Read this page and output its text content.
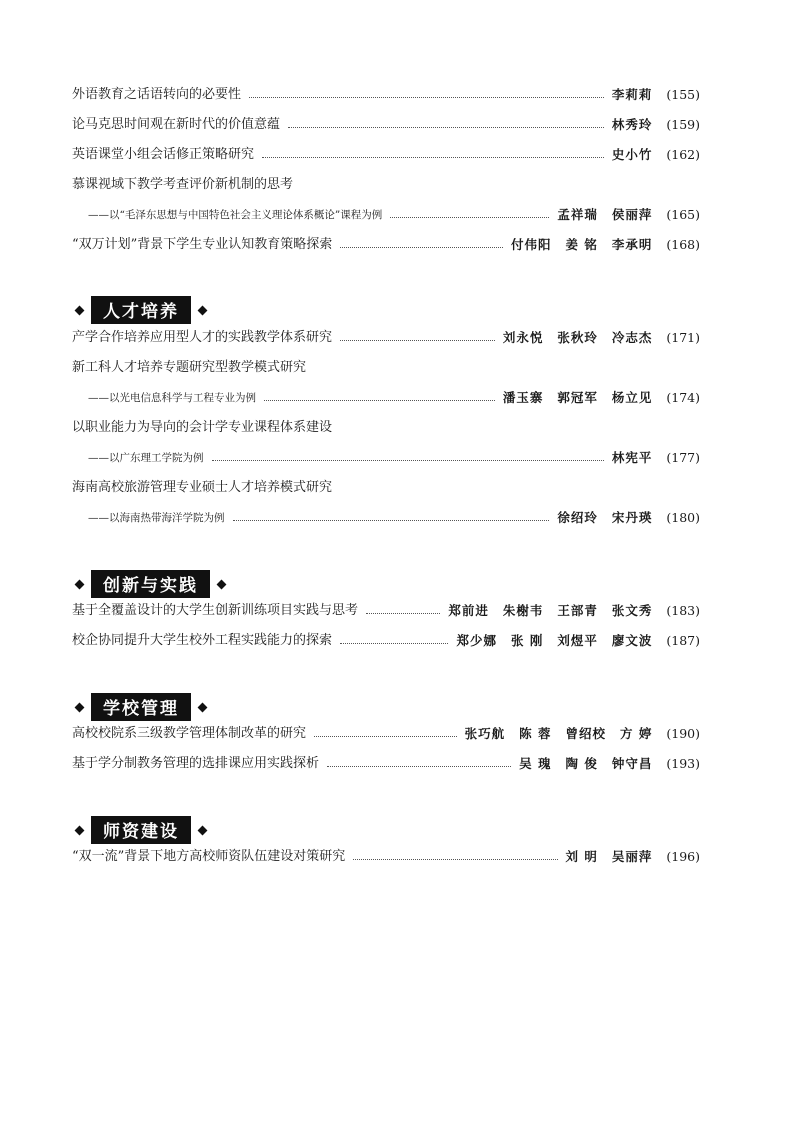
外语教育之话语转向的必要性	李莉莉 (155)
论马克思时间观在新时代的价值意蕴	林秀玲 (159)
英语课堂小组会话修正策略研究	史小竹 (162)
慕课视域下教学考查评价新机制的思考
——以“毛泽东思想与中国特色社会主义理论体系概论”课程为例	孟祥瑞 侯丽萍 (165)
“双万计划”背景下学生专业认知教育策略探索	付伟阳 姜 铭 李承明 (168)
人才培养
产学合作培养应用型人才的实践教学体系研究	刘永悦 张秋玲 冷志杰 (171)
新工科人才培养专题研究型教学模式研究
——以光电信息科学与工程专业为例	潘玉寨 郭冠军 杨立见 (174)
以职业能力为导向的会计学专业课程体系建设
——以广东理工学院为例	林宪平 (177)
海南高校旅游管理专业硕士人才培养模式研究
——以海南热带海洋学院为例	徐绍玲 宋丹瑛 (180)
创新与实践
基于全覆盖设计的大学生创新训练项目实践与思考	郑前进 朱榭韦 王部青 张文秀 (183)
校企协同提升大学生校外工程实践能力的探索	郑少娜 张 刚 刘煜平 廖文波 (187)
学校管理
高校校院系三级教学管理体制改革的研究	张巧航 陈 蓉 曾绍校 方 婷 (190)
基于学分制教务管理的选排课应用实践探析	吴 瑰 陶 俊 钟守昌 (193)
师资建设
“双一流”背景下地方高校师资队伍建设对策研究	刘 明 吴丽萍 (196)
